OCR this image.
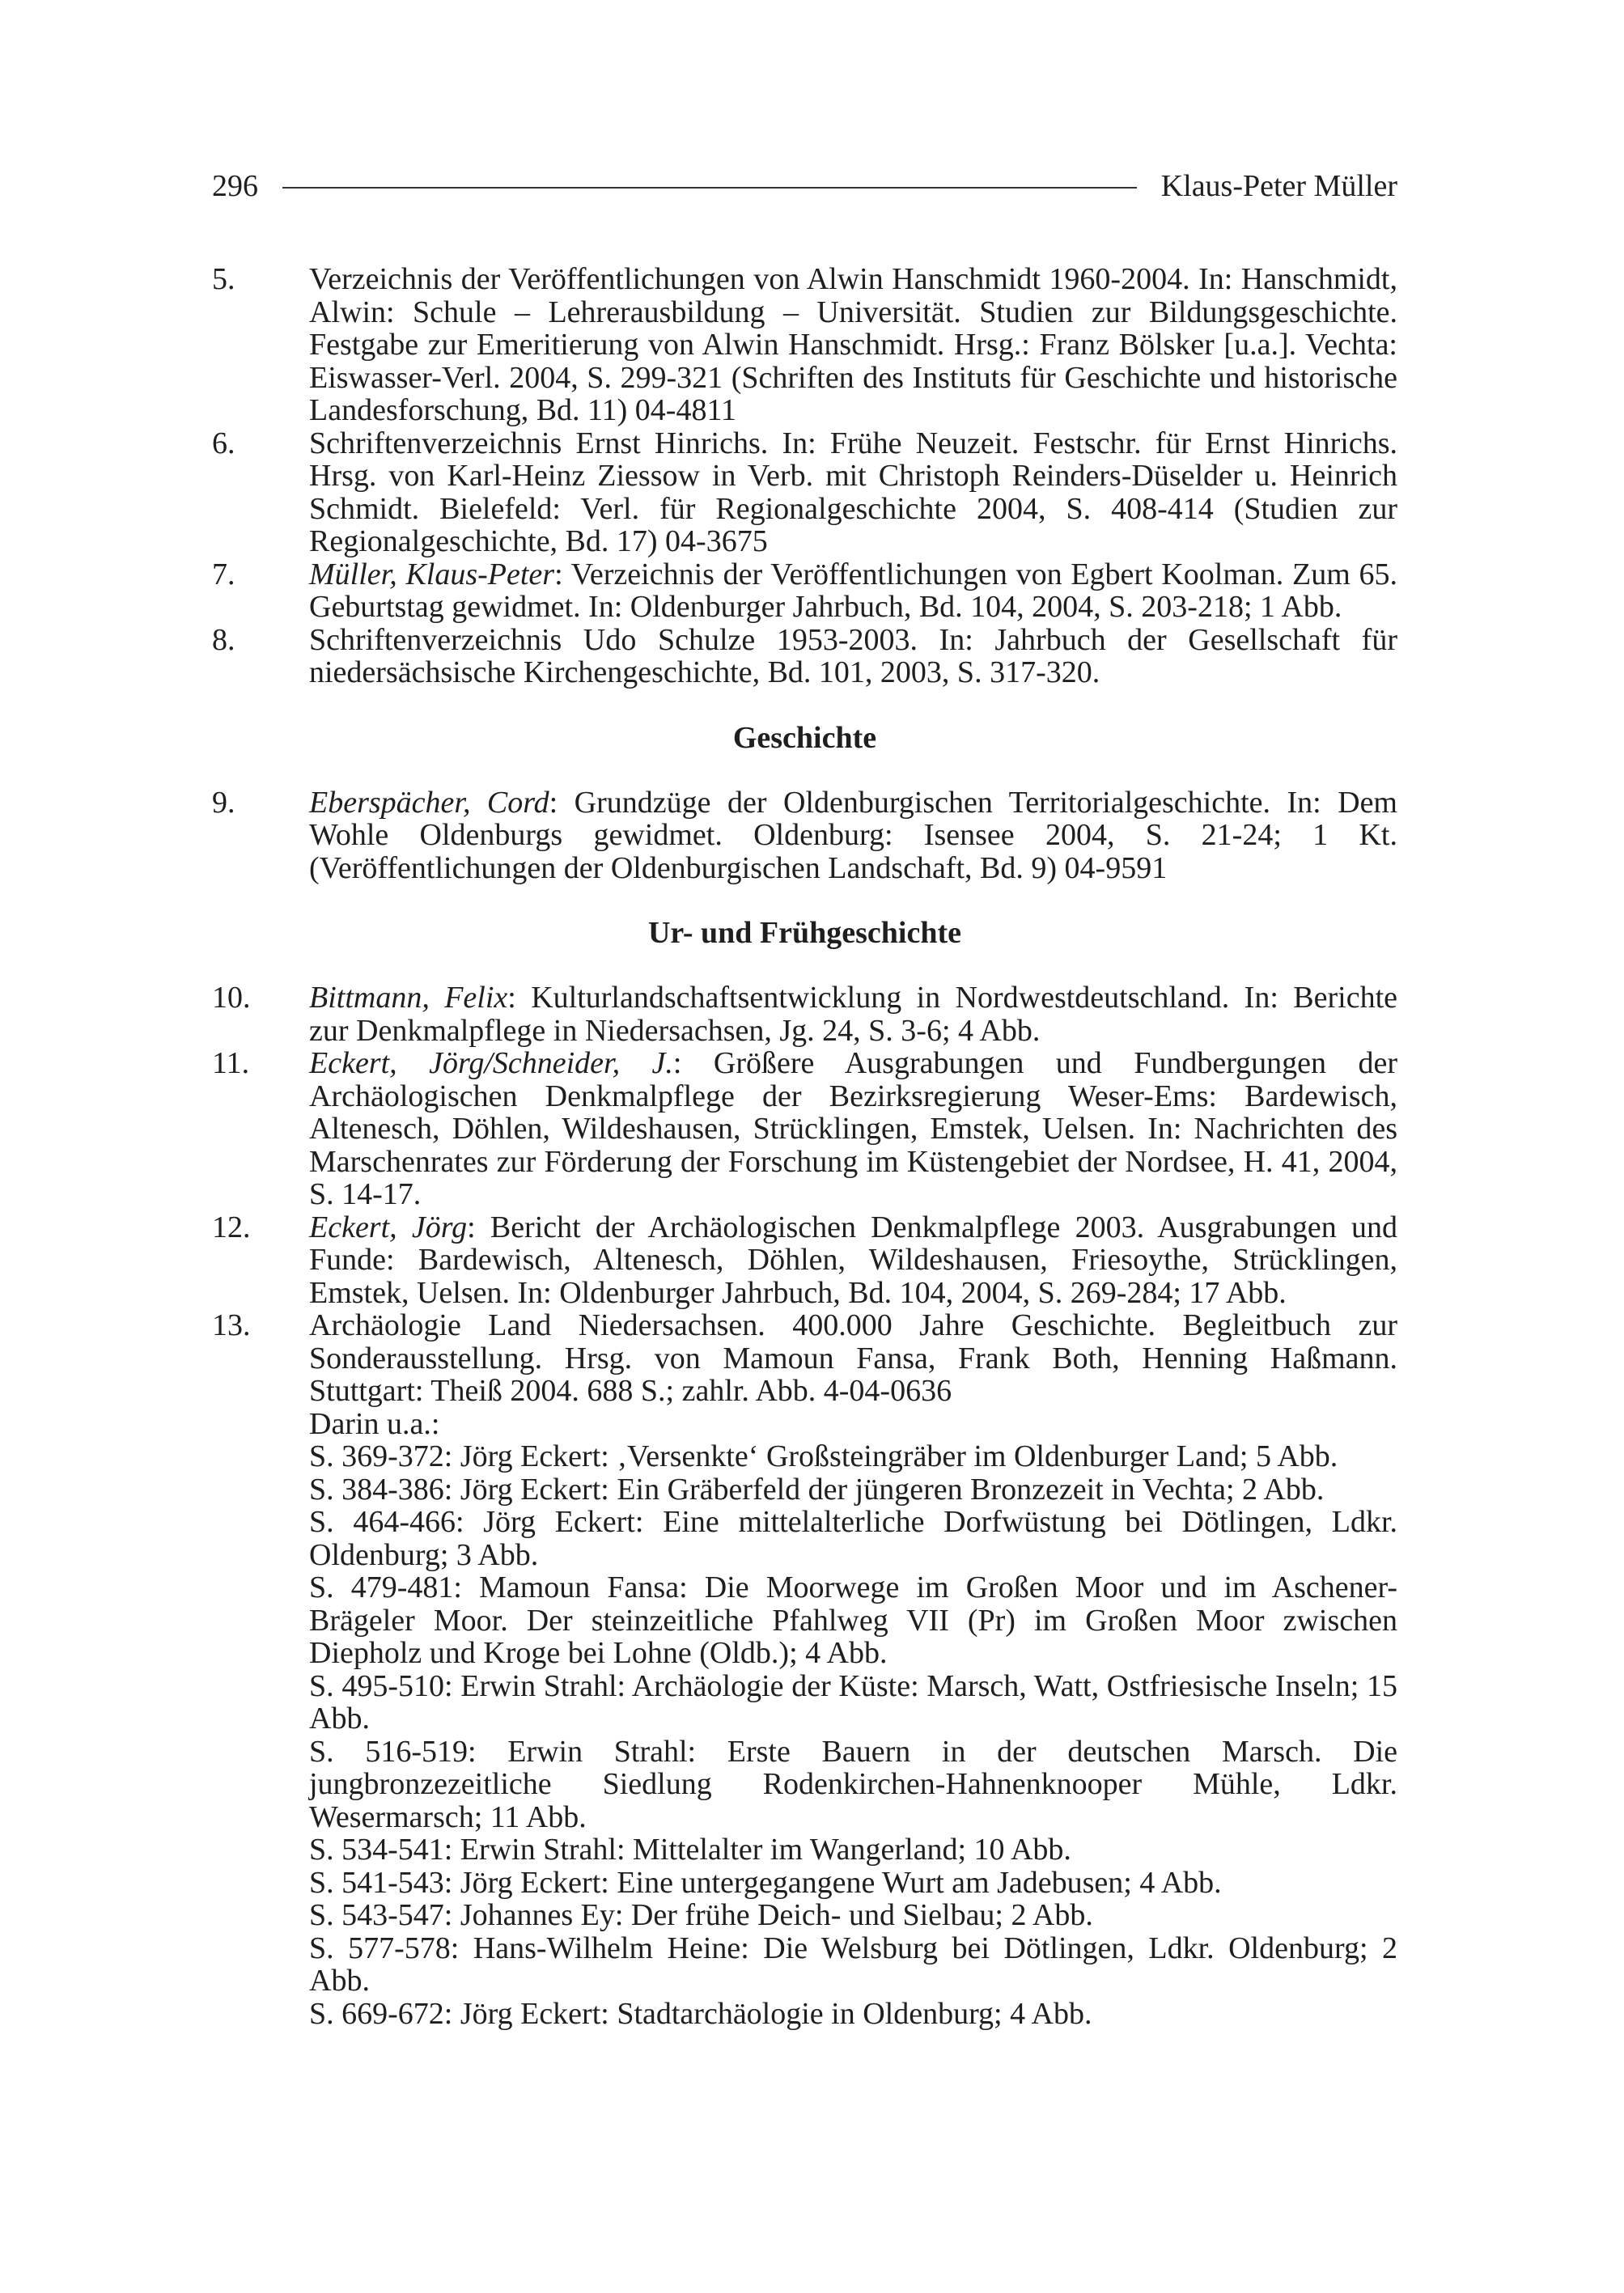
296	Klaus-Peter Müller
5.	Verzeichnis der Veröffentlichungen von Alwin Hanschmidt 1960-2004. In: Hanschmidt, Alwin: Schule – Lehrerausbildung – Universität. Studien zur Bildungsgeschichte. Festgabe zur Emeritierung von Alwin Hanschmidt. Hrsg.: Franz Bölsker [u.a.]. Vechta: Eiswasser-Verl. 2004, S. 299-321 (Schriften des Instituts für Geschichte und historische Landesforschung, Bd. 11) 04-4811

6.	Schriftenverzeichnis Ernst Hinrichs. In: Frühe Neuzeit. Festschr. für Ernst Hinrichs. Hrsg. von Karl-Heinz Ziessow in Verb. mit Christoph Reinders-Düselder u. Heinrich Schmidt. Bielefeld: Verl. für Regionalgeschichte 2004, S. 408-414 (Studien zur Regionalgeschichte, Bd. 17) 04-3675

7.	Müller, Klaus-Peter: Verzeichnis der Veröffentlichungen von Egbert Koolman. Zum 65. Geburtstag gewidmet. In: Oldenburger Jahrbuch, Bd. 104, 2004, S. 203-218; 1 Abb.

8.	Schriftenverzeichnis Udo Schulze 1953-2003. In: Jahrbuch der Gesellschaft für niedersächsische Kirchengeschichte, Bd. 101, 2003, S. 317-320.

Geschichte
9.	Eberspächer, Cord: Grundzüge der Oldenburgischen Territorialgeschichte. In: Dem Wohle Oldenburgs gewidmet. Oldenburg: Isensee 2004, S. 21-24; 1 Kt. (Veröffentlichungen der Oldenburgischen Landschaft, Bd. 9) 04-9591

Ur- und Frühgeschichte
10.	Bittmann, Felix: Kulturlandschaftsentwicklung in Nordwestdeutschland. In: Berichte zur Denkmalpflege in Niedersachsen, Jg. 24, S. 3-6; 4 Abb.

11.	Eckert, Jörg/Schneider, J.: Größere Ausgrabungen und Fundbergungen der Archäologischen Denkmalpflege der Bezirksregierung Weser-Ems: Bardewisch, Altenesch, Döhlen, Wildeshausen, Strücklingen, Emstek, Uelsen. In: Nachrichten des Marschenrates zur Förderung der Forschung im Küstengebiet der Nordsee, H. 41, 2004, S. 14-17.

12.	Eckert, Jörg: Bericht der Archäologischen Denkmalpflege 2003. Ausgrabungen und Funde: Bardewisch, Altenesch, Döhlen, Wildeshausen, Friesoythe, Strücklingen, Emstek, Uelsen. In: Oldenburger Jahrbuch, Bd. 104, 2004, S. 269-284; 17 Abb.

13.	Archäologie Land Niedersachsen. 400.000 Jahre Geschichte. Begleitbuch zur Sonderausstellung. Hrsg. von Mamoun Fansa, Frank Both, Henning Haßmann. Stuttgart: Theiß 2004. 688 S.; zahlr. Abb. 4-04-0636

Darin u.a.:

S. 369-372: Jörg Eckert: ‚Versenkte‘ Großsteingräber im Oldenburger Land; 5 Abb.

S. 384-386: Jörg Eckert: Ein Gräberfeld der jüngeren Bronzezeit in Vechta; 2 Abb.

S. 464-466: Jörg Eckert: Eine mittelalterliche Dorfwüstung bei Dötlingen, Ldkr. Oldenburg; 3 Abb.

S. 479-481: Mamoun Fansa: Die Moorwege im Großen Moor und im Aschener-Brägeler Moor. Der steinzeitliche Pfahlweg VII (Pr) im Großen Moor zwischen Diepholz und Kroge bei Lohne (Oldb.); 4 Abb.

S. 495-510: Erwin Strahl: Archäologie der Küste: Marsch, Watt, Ostfriesische Inseln; 15 Abb.

S. 516-519: Erwin Strahl: Erste Bauern in der deutschen Marsch. Die jungbronzezeitliche Siedlung Rodenkirchen-Hahnenknooper Mühle, Ldkr. Wesermarsch; 11 Abb.

S. 534-541: Erwin Strahl: Mittelalter im Wangerland; 10 Abb.

S. 541-543: Jörg Eckert: Eine untergegangene Wurt am Jadebusen; 4 Abb.

S. 543-547: Johannes Ey: Der frühe Deich- und Sielbau; 2 Abb.

S. 577-578: Hans-Wilhelm Heine: Die Welsburg bei Dötlingen, Ldkr. Oldenburg; 2 Abb.

S. 669-672: Jörg Eckert: Stadtarchäologie in Oldenburg; 4 Abb.
